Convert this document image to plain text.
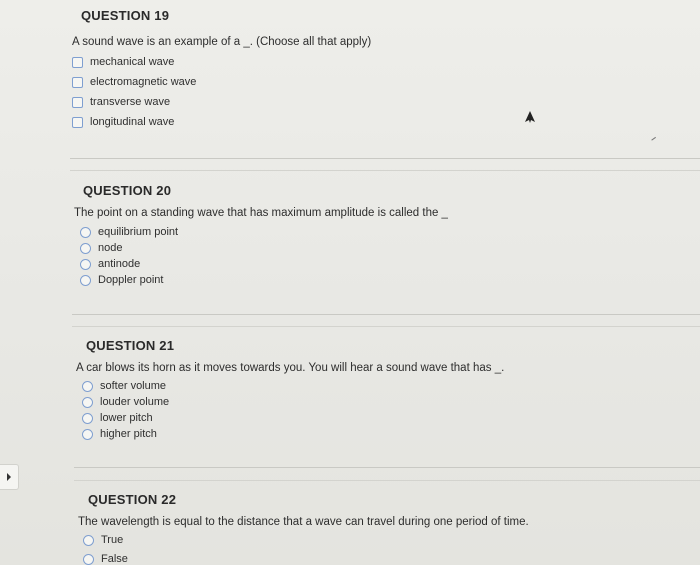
QUESTION 19
A sound wave is an example of a _. (Choose all that apply)
mechanical wave
electromagnetic wave
transverse wave
longitudinal wave
QUESTION 20
The point on a standing wave that has maximum amplitude is called the _
equilibrium point
node
antinode
Doppler point
QUESTION 21
A car blows its horn as it moves towards you. You will hear a sound wave that has _.
softer volume
louder volume
lower pitch
higher pitch
QUESTION 22
The wavelength is equal to the distance that a wave can travel during one period of time.
True
False
